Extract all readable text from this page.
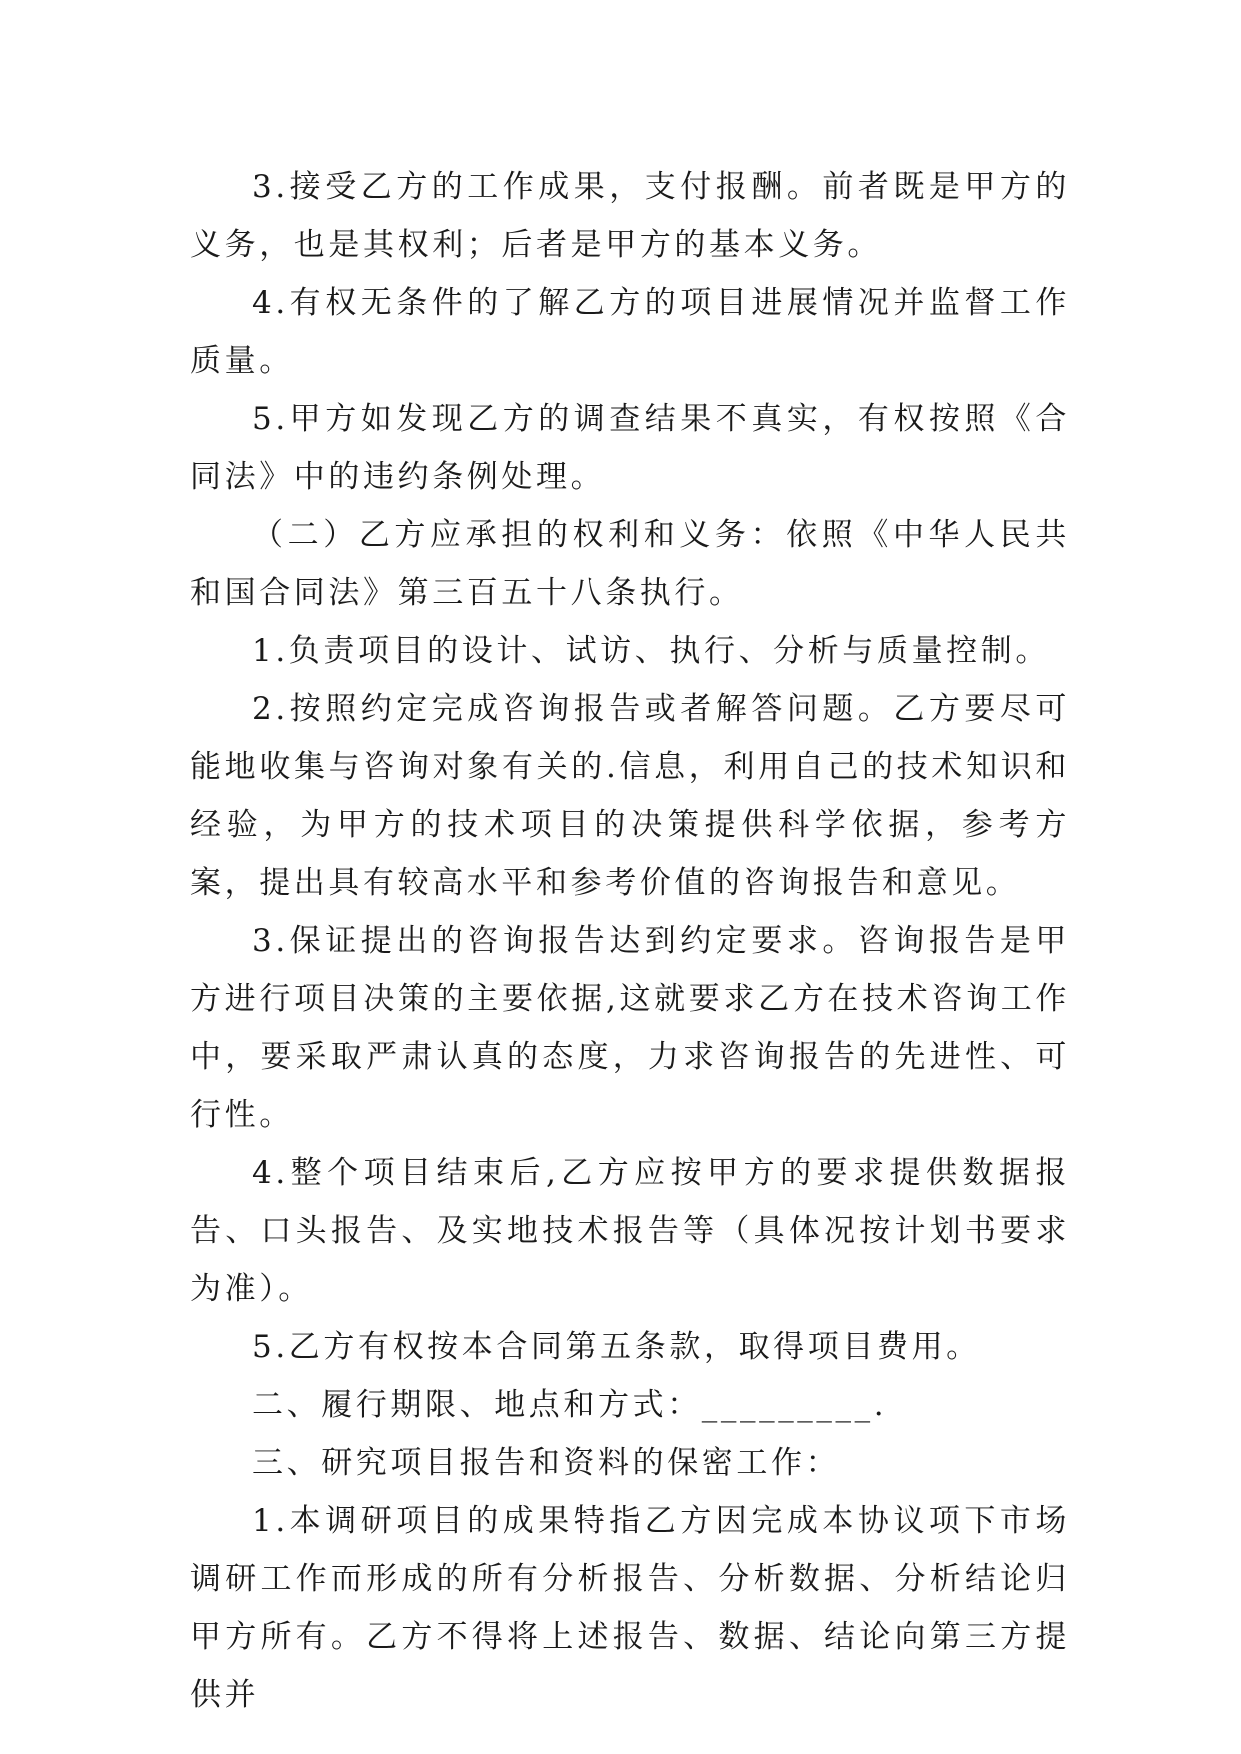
3.接受乙方的工作成果，支付报酬。前者既是甲方的义务，也是其权利；后者是甲方的基本义务。

4.有权无条件的了解乙方的项目进展情况并监督工作质量。

5.甲方如发现乙方的调查结果不真实，有权按照《合同法》中的违约条例处理。

（二）乙方应承担的权利和义务：依照《中华人民共和国合同法》第三百五十八条执行。

1.负责项目的设计、试访、执行、分析与质量控制。

2.按照约定完成咨询报告或者解答问题。乙方要尽可能地收集与咨询对象有关的.信息，利用自己的技术知识和经验，为甲方的技术项目的决策提供科学依据，参考方案，提出具有较高水平和参考价值的咨询报告和意见。

3.保证提出的咨询报告达到约定要求。咨询报告是甲方进行项目决策的主要依据,这就要求乙方在技术咨询工作中，要采取严肃认真的态度，力求咨询报告的先进性、可行性。

4.整个项目结束后,乙方应按甲方的要求提供数据报告、口头报告、及实地技术报告等（具体况按计划书要求为准）。

5.乙方有权按本合同第五条款，取得项目费用。

二、履行期限、地点和方式：_________.

三、研究项目报告和资料的保密工作：

1.本调研项目的成果特指乙方因完成本协议项下市场调研工作而形成的所有分析报告、分析数据、分析结论归甲方所有。乙方不得将上述报告、数据、结论向第三方提供并
